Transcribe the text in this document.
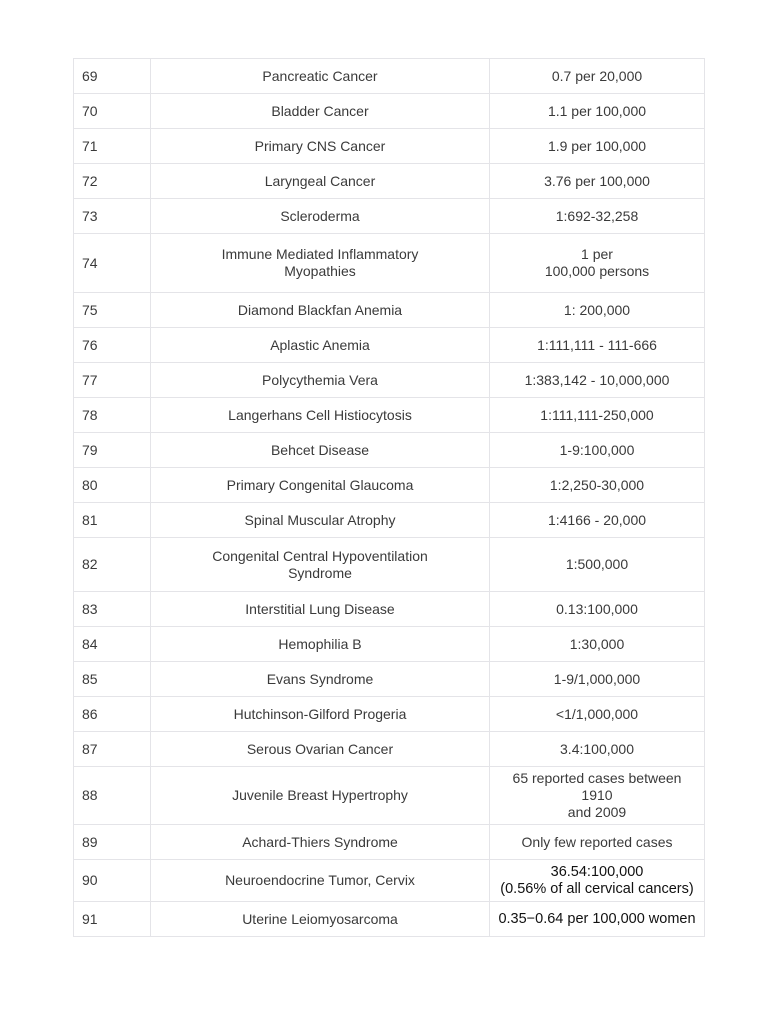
69	Pancreatic Cancer	0.7 per 20,000

70	Bladder Cancer	1.1 per 100,000

71	Primary CNS Cancer	1.9 per 100,000

72	Laryngeal Cancer	3.76 per 100,000

73	Scleroderma	1:692-32,258

74	Immune Mediated Inflammatory
Myopathies	1 per
100,000 persons

75	Diamond Blackfan Anemia	1: 200,000

76	Aplastic Anemia	1:111,111 - 111-666

77	Polycythemia Vera	1:383,142 - 10,000,000

78	Langerhans Cell Histiocytosis	1:111,111-250,000

79	Behcet Disease	1-9:100,000

80	Primary Congenital Glaucoma	1:2,250-30,000

81	Spinal Muscular Atrophy	1:4166 - 20,000

82	Congenital Central Hypoventilation
Syndrome	1:500,000

83	Interstitial Lung Disease	0.13:100,000

84	Hemophilia B	1:30,000

85	Evans Syndrome	1-9/1,000,000

86	Hutchinson-Gilford Progeria	<1/1,000,000

87	Serous Ovarian Cancer	3.4:100,000

88	Juvenile Breast Hypertrophy	65 reported cases between 1910
and 2009

89	Achard-Thiers Syndrome	Only few reported cases

90	Neuroendocrine Tumor, Cervix	36.54:100,000
(0.56% of all cervical cancers)

91	Uterine Leiomyosarcoma	0.35−0.64 per 100,000 women
